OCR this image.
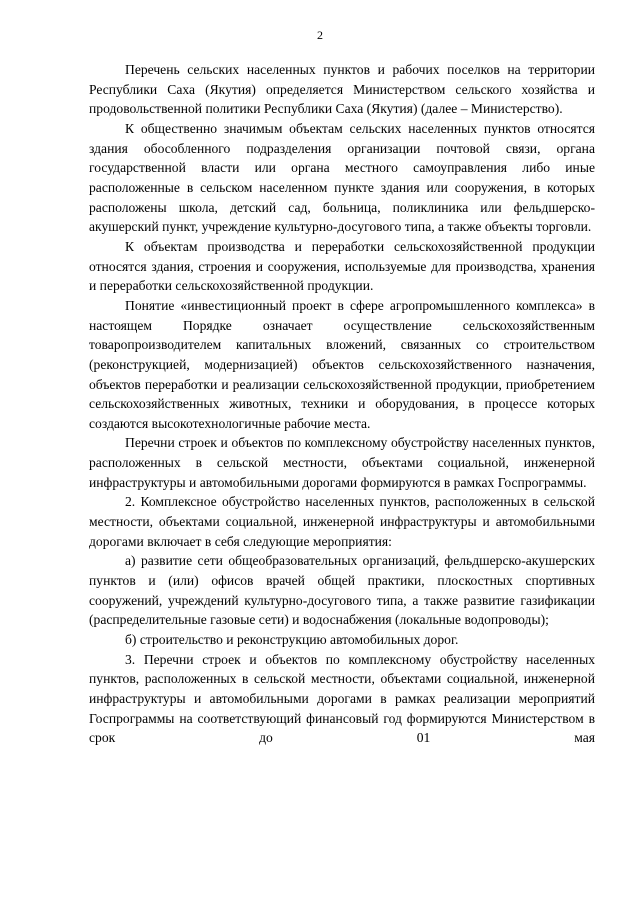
2

Перечень сельских населенных пунктов и рабочих поселков на территории Республики Саха (Якутия) определяется Министерством сельского хозяйства и продовольственной политики Республики Саха (Якутия) (далее – Министерство).

К общественно значимым объектам сельских населенных пунктов относятся здания обособленного подразделения организации почтовой связи, органа государственной власти или органа местного самоуправления либо иные расположенные в сельском населенном пункте здания или сооружения, в которых расположены школа, детский сад, больница, поликлиника или фельдшерско-акушерский пункт, учреждение культурно-досугового типа, а также объекты торговли.

К объектам производства и переработки сельскохозяйственной продукции относятся здания, строения и сооружения, используемые для производства, хранения и переработки сельскохозяйственной продукции.

Понятие «инвестиционный проект в сфере агропромышленного комплекса» в настоящем Порядке означает осуществление сельскохозяйственным товаропроизводителем капитальных вложений, связанных со строительством (реконструкцией, модернизацией) объектов сельскохозяйственного назначения, объектов переработки и реализации сельскохозяйственной продукции, приобретением сельскохозяйственных животных, техники и оборудования, в процессе которых создаются высокотехнологичные рабочие места.

Перечни строек и объектов по комплексному обустройству населенных пунктов, расположенных в сельской местности, объектами социальной, инженерной инфраструктуры и автомобильными дорогами формируются в рамках Госпрограммы.

2. Комплексное обустройство населенных пунктов, расположенных в сельской местности, объектами социальной, инженерной инфраструктуры и автомобильными дорогами включает в себя следующие мероприятия:

а) развитие сети общеобразовательных организаций, фельдшерско-акушерских пунктов и (или) офисов врачей общей практики, плоскостных спортивных сооружений, учреждений культурно-досугового типа, а также развитие газификации (распределительные газовые сети) и водоснабжения (локальные водопроводы);

б) строительство и реконструкцию автомобильных дорог.

3. Перечни строек и объектов по комплексному обустройству населенных пунктов, расположенных в сельской местности, объектами социальной, инженерной инфраструктуры и автомобильными дорогами в рамках реализации мероприятий Госпрограммы на соответствующий финансовый год формируются Министерством в срок до 01 мая
